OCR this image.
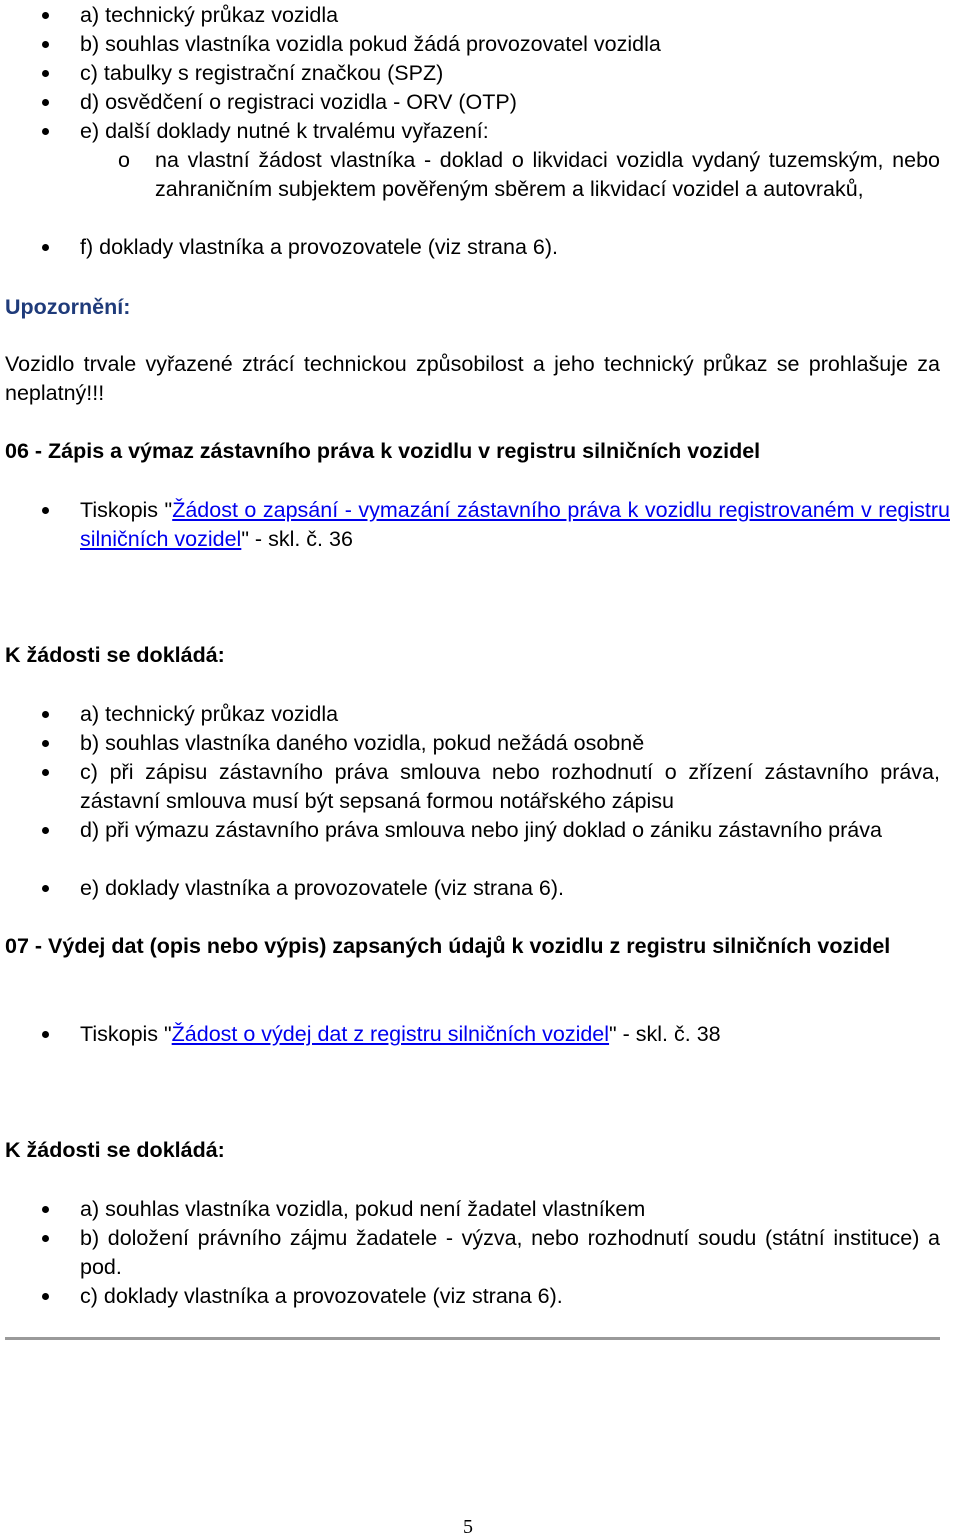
a) technický průkaz vozidla
b) souhlas vlastníka vozidla pokud žádá provozovatel vozidla
c) tabulky s registrační značkou (SPZ)
d) osvědčení o registraci vozidla - ORV (OTP)
e) další doklady nutné k trvalému vyřazení:
o na vlastní žádost vlastníka - doklad o likvidaci vozidla vydaný tuzemským, nebo zahraničním subjektem pověřeným sběrem a likvidací vozidel a autovraků,
f) doklady vlastníka a provozovatele (viz strana 6).
Upozornění:
Vozidlo trvale vyřazené ztrácí technickou způsobilost a jeho technický průkaz se prohlašuje za neplatný!!!
06 - Zápis a výmaz zástavního práva k vozidlu v registru silničních vozidel
Tiskopis "Žádost o zapsání - vymazání zástavního práva k vozidlu registrovaném v registru silničních vozidel" - skl. č. 36
K žádosti se dokládá:
a) technický průkaz vozidla
b) souhlas vlastníka daného vozidla, pokud nežádá osobně
c) při zápisu zástavního práva smlouva nebo rozhodnutí o zřízení zástavního práva, zástavní smlouva musí být sepsaná formou notářského zápisu
d) při výmazu zástavního práva smlouva nebo jiný doklad o zániku zástavního práva
e) doklady vlastníka a provozovatele (viz strana 6).
07 - Výdej dat (opis nebo výpis) zapsaných údajů k vozidlu z registru silničních vozidel
Tiskopis "Žádost o výdej dat z registru silničních vozidel" - skl. č. 38
K žádosti se dokládá:
a) souhlas vlastníka vozidla, pokud není žadatel vlastníkem
b) doložení právního zájmu žadatele - výzva, nebo rozhodnutí soudu (státní instituce) a pod.
c) doklady vlastníka a provozovatele (viz strana 6).
5
